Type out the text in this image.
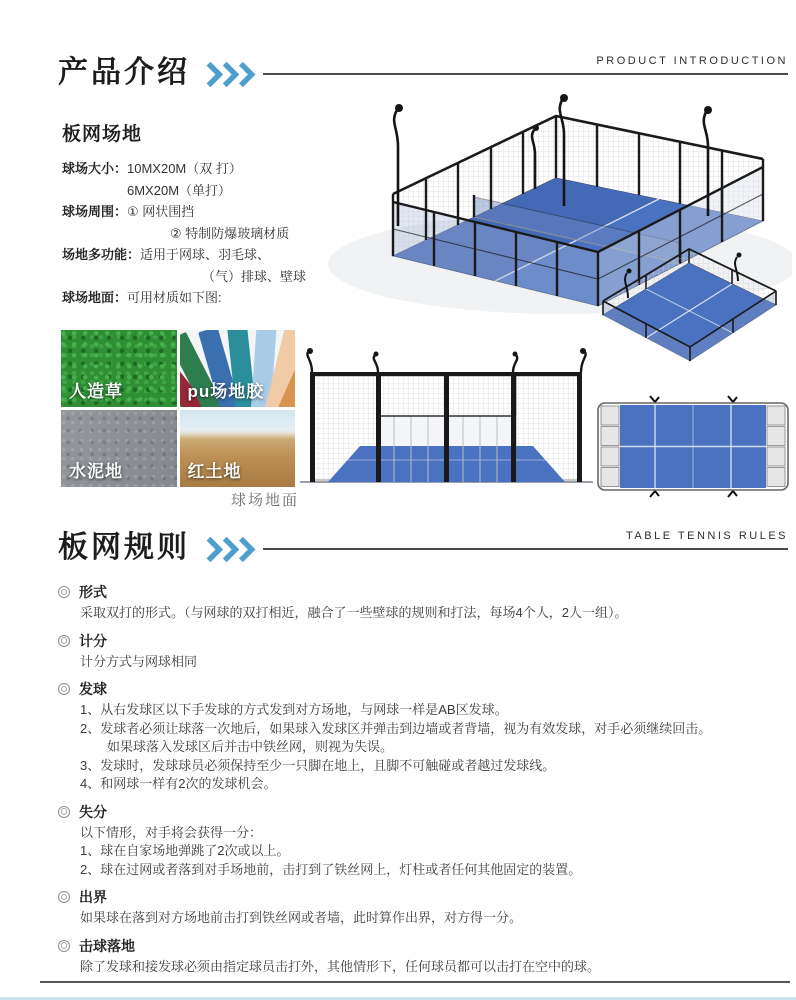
产品介绍	PRODUCT INTRODUCTION
板网场地
球场大小：10MX20M（双 打）
6MX20M（单打）
球场周围：① 网状围挡
② 特制防爆玻璃材质
场地多功能：适用于网球、羽毛球、
（气）排球、壁球
球场地面：可用材质如下图:
人造草	pu场地胶
水泥地	红土地
球场地面
板网规则	TABLE TENNIS RULES
形式
采取双打的形式。（与网球的双打相近，融合了一些壁球的规则和打法，每场4个人，2人一组）。
计分
计分方式与网球相同
发球
1、从右发球区以下手发球的方式发到对方场地，与网球一样是AB区发球。
2、发球者必须让球落一次地后，如果球入发球区并弹击到边墙或者背墙，视为有效发球，对手必须继续回击。
如果球落入发球区后并击中铁丝网，则视为失误。
3、发球时，发球球员必须保持至少一只脚在地上，且脚不可触碰或者越过发球线。
4、和网球一样有2次的发球机会。
失分
以下情形，对手将会获得一分：
1、球在自家场地弹跳了2次或以上。
2、球在过网或者落到对手场地前，击打到了铁丝网上，灯柱或者任何其他固定的装置。
出界
如果球在落到对方场地前击打到铁丝网或者墙，此时算作出界，对方得一分。
击球落地
除了发球和接发球必须由指定球员击打外，其他情形下，任何球员都可以击打在空中的球。
